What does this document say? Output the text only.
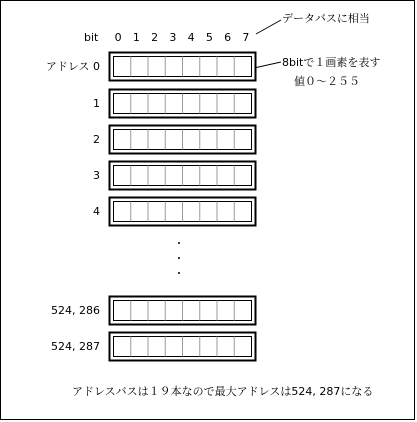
bit 0 1 2 3 4 5 6 7
データバスに相当
8bitで１画素を表す
値０～２５５
アドレス 0
1
2
3
4
・
・
・
524, 286
524, 287
アドレスバスは１９本なので最大アドレスは524, 287になる
